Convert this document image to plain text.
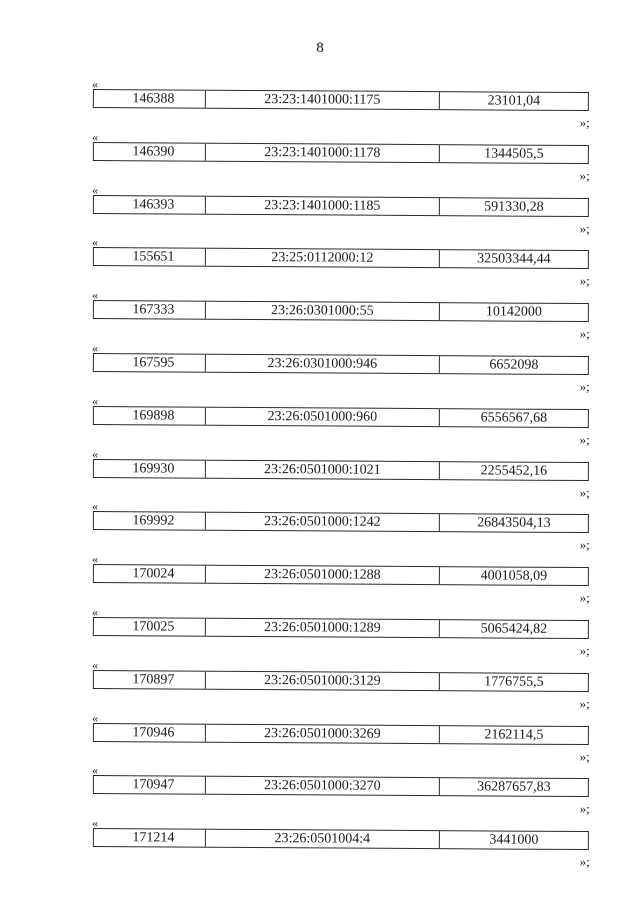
8
«
146388	23:23:1401000:1175	23101,04
»;
«
146390	23:23:1401000:1178	1344505,5
»;
«
146393	23:23:1401000:1185	591330,28
»;
«
155651	23:25:0112000:12	32503344,44
»;
«
167333	23:26:0301000:55	10142000
»;
«
167595	23:26:0301000:946	6652098
»;
«
169898	23:26:0501000:960	6556567,68
»;
«
169930	23:26:0501000:1021	2255452,16
»;
«
169992	23:26:0501000:1242	26843504,13
»;
«
170024	23:26:0501000:1288	4001058,09
»;
«
170025	23:26:0501000:1289	5065424,82
»;
«
170897	23:26:0501000:3129	1776755,5
»;
«
170946	23:26:0501000:3269	2162114,5
»;
«
170947	23:26:0501000:3270	36287657,83
»;
«
171214	23:26:0501004:4	3441000
»;
